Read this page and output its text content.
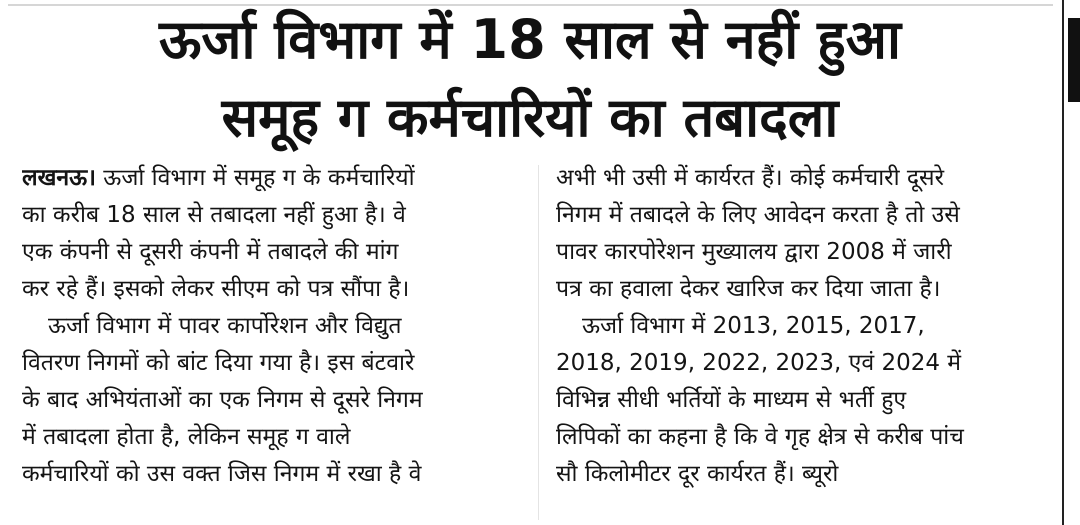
ऊर्जा विभाग में 18 साल से नहीं हुआ
समूह ग कर्मचारियों का तबादला
लखनऊ। ऊर्जा विभाग में समूह ग के कर्मचारियों
का करीब 18 साल से तबादला नहीं हुआ है। वे
एक कंपनी से दूसरी कंपनी में तबादले की मांग
कर रहे हैं। इसको लेकर सीएम को पत्र सौंपा है।
ऊर्जा विभाग में पावर कार्पोरेशन और विद्युत
वितरण निगमों को बांट दिया गया है। इस बंटवारे
के बाद अभियंताओं का एक निगम से दूसरे निगम
में तबादला होता है, लेकिन समूह ग वाले
कर्मचारियों को उस वक्त जिस निगम में रखा है वे
अभी भी उसी में कार्यरत हैं। कोई कर्मचारी दूसरे
निगम में तबादले के लिए आवेदन करता है तो उसे
पावर कारपोरेशन मुख्यालय द्वारा 2008 में जारी
पत्र का हवाला देकर खारिज कर दिया जाता है।
ऊर्जा विभाग में 2013, 2015, 2017,
2018, 2019, 2022, 2023, एवं 2024 में
विभिन्न सीधी भर्तियों के माध्यम से भर्ती हुए
लिपिकों का कहना है कि वे गृह क्षेत्र से करीब पांच
सौ किलोमीटर दूर कार्यरत हैं। ब्यूरो
